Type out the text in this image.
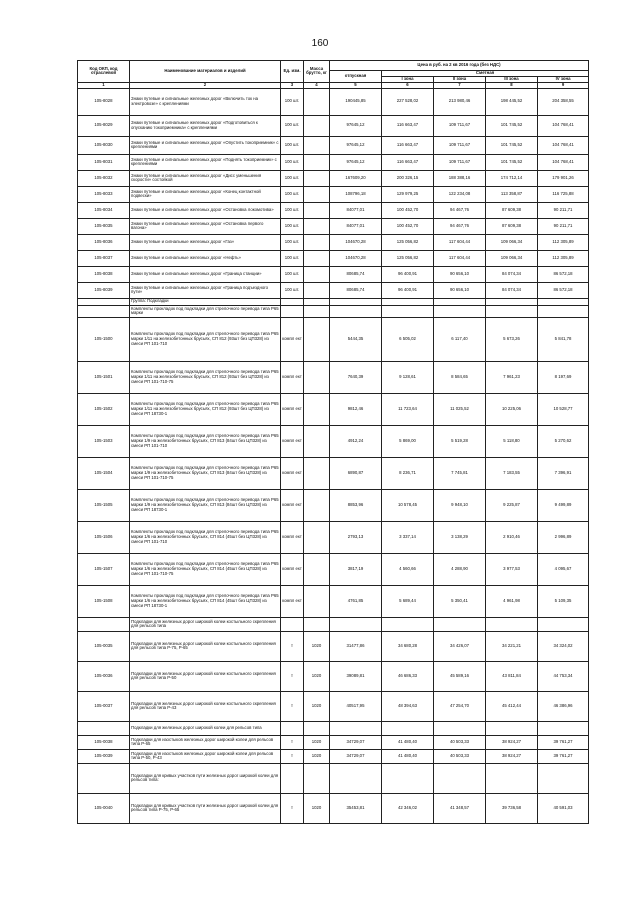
160
Код ОКП, код отраслевой	Наименование материалов и изделий	Ед. изм.	Масса брутто, кг	Цена в руб. на 2 кв 2016 года (без НДС)				
				отпускная	Сметная			
					I зона	II зона	III зона	IV зона
1	2	3	4	5	6	7	8	9
105-8028	Знаки путевые и сигнальные железных дорог «Включить ток на электровозе» с креплениями	100 шт.		190445,85	227 528,02	213 980,46	198 445,52	204 358,55
105-8029	Знаки путевые и сигнальные железных дорог «Подготовиться к опусканию токоприемника» с креплениями	100 шт.		97645,12	116 663,47	109 711,67	101 745,52	104 768,41
105-8030	Знаки путевые и сигнальные железных дорог «Опустить токоприемник» с креплениями	100 шт.		97645,12	116 663,47	109 711,67	101 745,52	104 768,41
105-8031	Знаки путевые и сигнальные железных дорог «Поднять токоприемник» с креплениями	100 шт.		97645,12	116 663,47	109 711,67	101 745,52	104 768,41
105-8032	Знаки путевые и сигнальные железных дорог «Дисс уменьшения скорости» состойкой	100 шт.		167609,20	200 326,15	188 388,16	174 712,14	179 901,26
105-8033	Знаки путевые и сигнальные железных дорог «Конец контактной подвески»	100 шт.		108796,18	129 979,25	122 234,08	113 358,87	116 725,88
105-8034	Знаки путевые и сигнальные железных дорог «Остановка локомотива»	100 шт.		84077,01	100 452,70	94 467,76	87 609,38	90 211,71
105-8035	Знаки путевые и сигнальные железных дорог «Остановка первого вагона»	100 шт.		84077,01	100 452,70	94 467,76	87 609,38	90 211,71
105-8036	Знаки путевые и сигнальные железных дорог «Газ»	100 шт.		104670,28	125 056,82	117 604,44	109 066,34	112 305,89
105-8037	Знаки путевые и сигнальные железных дорог «Нефть»	100 шт.		104670,28	125 056,82	117 604,44	109 066,34	112 305,89
105-8038	Знаки путевые и сигнальные железных дорог «Граница станции»	100 шт.		80685,74	96 400,91	90 656,10	84 074,34	86 572,18
105-8039	Знаки путевые и сигнальные железных дорог «Граница подъездного пути»	100 шт.		80685,74	96 400,91	90 656,10	84 074,34	86 572,18
	Группа: Подкладки							
	Комплекты прокладок под подкладки для стрелочного перевода типа Р65 марки							
105-1500	Комплекты прокладок под подкладки для стрелочного перевода типа Р65 марки 1/11 на железобетонных брусьях, СП 812 (93шт без ЦП328) из смеси РП 101-710	компл ект		5444,35	6 505,02	6 117,40	5 673,26	5 841,78
105-1501	Комплекты прокладок под подкладки для стрелочного перевода типа Р65 марки 1/11 на железобетонных брусьях, СП 812 (93шт без ЦП328) из смеси РП 101-710-75	компл ект		7640,39	9 128,61	8 584,65	7 961,23	8 197,69
105-1502	Комплекты прокладок под подкладки для стрелочного перевода типа Р65 марки 1/11 на железобетонных брусьях, СП 812 (93шт без ЦП328) из смеси РП 18730-1	компл ект		9812,46	11 723,64	11 025,52	10 225,06	10 528,77
105-1503	Комплекты прокладок под подкладки для стрелочного перевода типа Р65 марки 1/9 на железобетонных брусьях, СП 813 (84шт без ЦП328) из смеси РП 101-710	компл ект		4912,24	5 869,00	5 519,28	5 118,80	5 270,62
105-1504	Комплекты прокладок под подкладки для стрелочного перевода типа Р65 марки 1/9 на железобетонных брусьях, СП 813 (84шт без ЦП328) из смеси РП 101-710-75	компл ект		6890,87	8 236,71	7 745,81	7 183,55	7 396,91
105-1505	Комплекты прокладок под подкладки для стрелочного перевода типа Р65 марки 1/9 на железобетонных брусьях, СП 813 (84шт без ЦП328) из смеси РП 18730-1	компл ект		8853,96	10 578,45	9 948,10	9 225,87	9 499,89
105-1506	Комплекты прокладок под подкладки для стрелочного перевода типа Р65 марки 1/6 на железобетонных брусьях, СП 814 (45шт без ЦП328) из смеси РП 101-710	компл ект		2793,13	3 337,14	3 138,29	2 910,46	2 996,89
105-1507	Комплекты прокладок под подкладки для стрелочного перевода типа Р65 марки 1/6 на железобетонных брусьях, СП 814 (45шт без ЦП328) из смеси РП 101-710-75	компл ект		3817,19	4 560,66	4 288,90	3 977,53	4 095,67
105-1508	Комплекты прокладок под подкладки для стрелочного перевода типа Р65 марки 1/6 на железобетонных брусьях, СП 814 (45шт без ЦП328) из смеси РП 18730-1	компл ект		4761,85	5 689,44	5 350,41	4 961,98	5 109,35
	Подкладки для железных дорог широкой колеи костыльного скрепления для рельсов типа							
105-0035	Подкладки для железных дорог широкой колеи костыльного скрепления для рельсов типа Р-75, Р-65	т	1020	31477,86	34 680,28	34 426,07	34 221,21	34 324,02
105-0036	Подкладки для железных дорог широкой колеи костыльного скрепления для рельсов типа Р-50	т	1020	39089,81	46 686,33	45 589,16	43 811,84	44 753,34
105-0037	Подкладки для железных дорог широкой колеи костыльного скрепления для рельсов типа Р-43	т	1020	40517,95	48 394,63	47 254,70	45 412,44	46 386,96
	Подкладки для железных дорог широкой колеи для рельсов типа							
105-0038	Подкладки для изостыков железных дорог широкой колеи для рельсов типа Р-65	т	1020	34729,07	41 480,40	40 503,33	38 924,27	39 761,27
105-0039	Подкладки для изостыков железных дорог широкой колеи для рельсов типа Р-50, Р-43	т	1020	34729,07	41 480,40	40 503,33	38 924,27	39 761,27
	Подкладки для кривых участков пути железных дорог широкой колеи для рельсов типа:							
105-0040	Подкладки для кривых участков пути железных дорог широкой колеи для рельсов типа Р-75, Р-65	т	1020	35453,81	42 346,02	41 348,57	39 736,58	40 591,03
